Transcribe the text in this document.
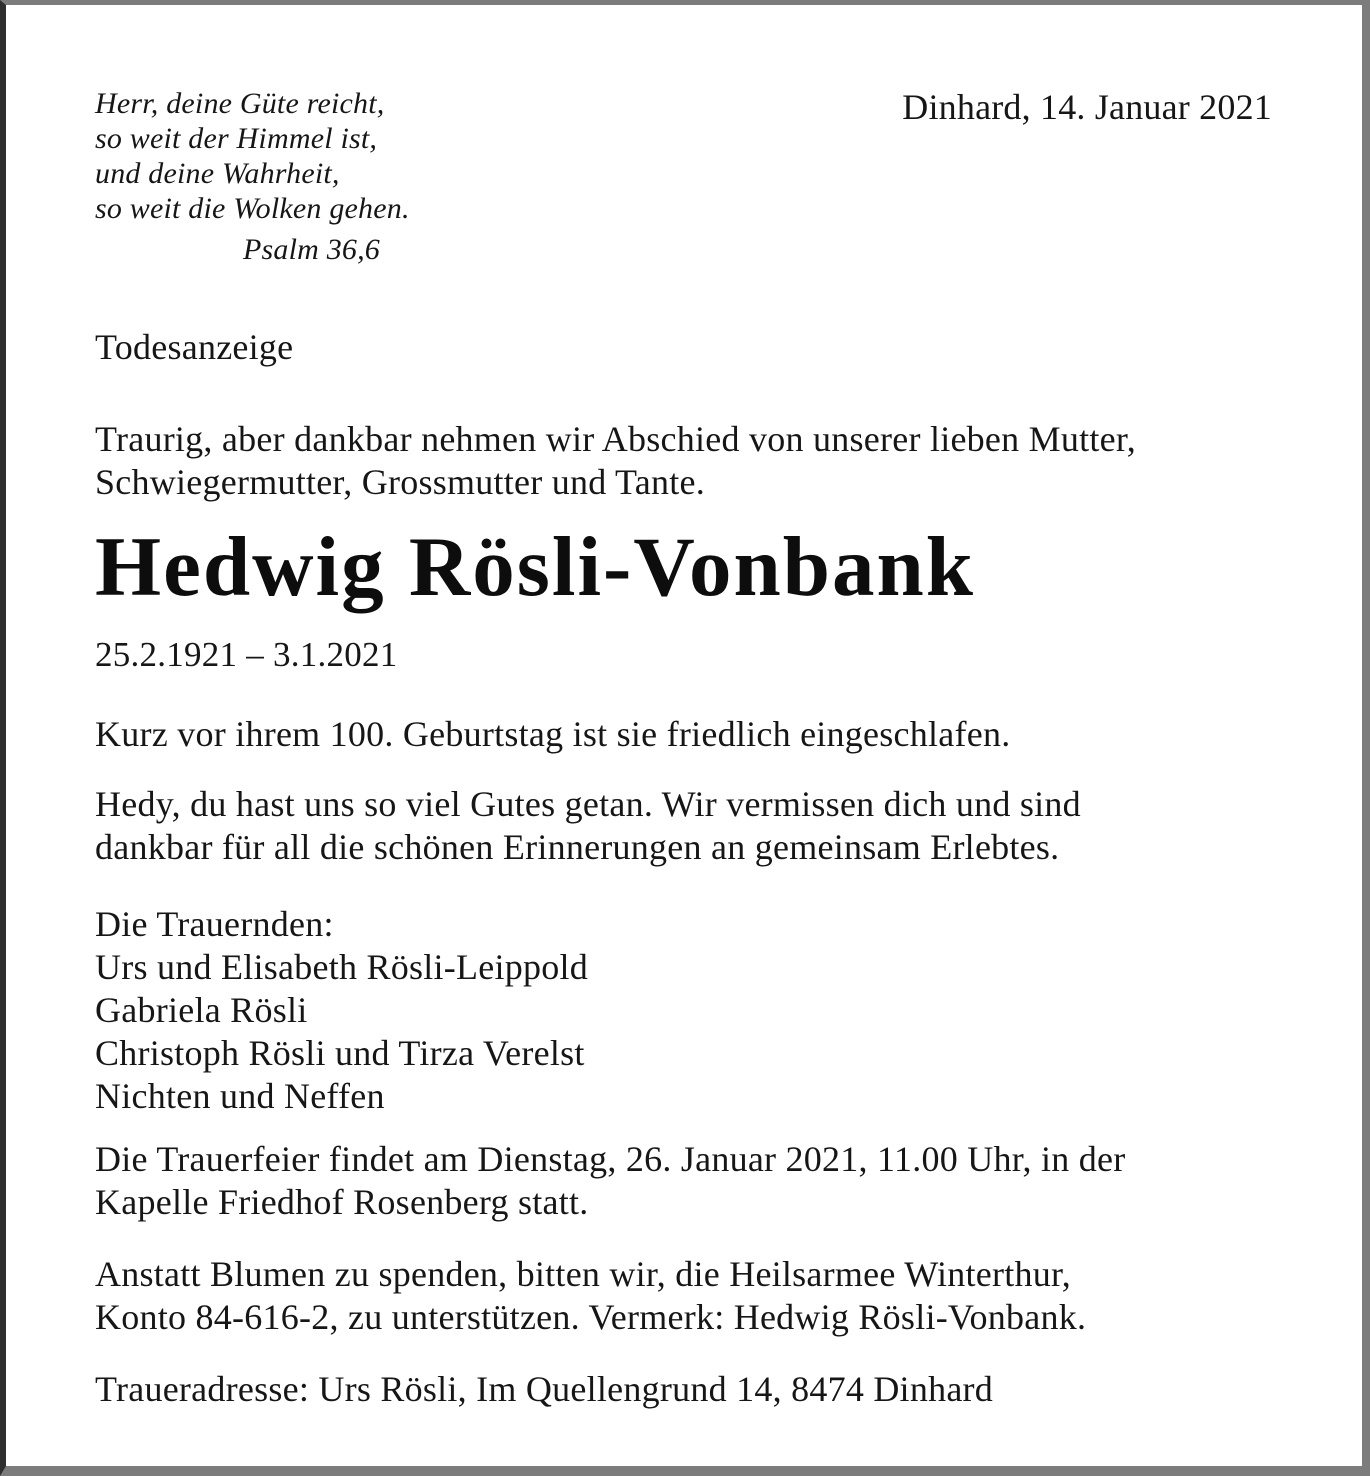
Herr, deine Güte reicht,
so weit der Himmel ist,
und deine Wahrheit,
so weit die Wolken gehen.
Psalm 36,6
Dinhard, 14. Januar 2021
Todesanzeige
Traurig, aber dankbar nehmen wir Abschied von unserer lieben Mutter,
Schwiegermutter, Grossmutter und Tante.
Hedwig Rösli-Vonbank
25.2.1921 – 3.1.2021
Kurz vor ihrem 100. Geburtstag ist sie friedlich eingeschlafen.
Hedy, du hast uns so viel Gutes getan. Wir vermissen dich und sind
dankbar für all die schönen Erinnerungen an gemeinsam Erlebtes.
Die Trauernden:
Urs und Elisabeth Rösli-Leippold
Gabriela Rösli
Christoph Rösli und Tirza Verelst
Nichten und Neffen
Die Trauerfeier findet am Dienstag, 26. Januar 2021, 11.00 Uhr, in der
Kapelle Friedhof Rosenberg statt.
Anstatt Blumen zu spenden, bitten wir, die Heilsarmee Winterthur,
Konto 84-616-2, zu unterstützen. Vermerk: Hedwig Rösli-Vonbank.
Traueradresse: Urs Rösli, Im Quellengrund 14, 8474 Dinhard
